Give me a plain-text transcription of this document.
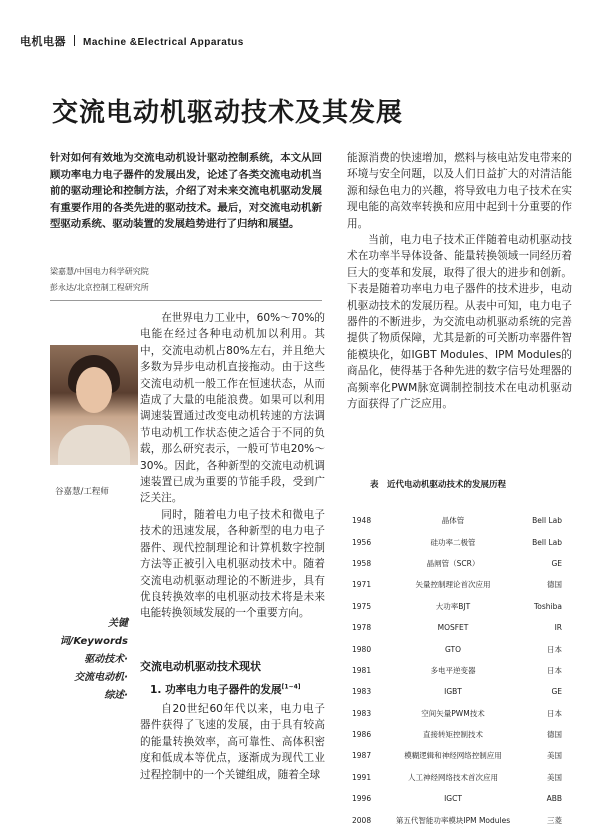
电机电器 Machine &Electrical Apparatus
交流电动机驱动技术及其发展
针对如何有效地为交流电动机设计驱动控制系统，本文从回顾功率电力电子器件的发展出发，论述了各类交流电动机当前的驱动理论和控制方法，介绍了对未来交流电机驱动发展有重要作用的各类先进的驱动技术。最后，对交流电动机新型驱动系统、驱动装置的发展趋势进行了归纳和展望。
梁嘉慧/中国电力科学研究院
彭永达/北京控制工程研究所
谷嘉慧/工程师

在世界电力工业中，60%～70%的电能在经过各种电动机加以利用。其中，交流电动机占80%左右，并且绝大多数为异步电动机直接拖动。由于这些交流电动机一般工作在恒速状态，从而造成了大量的电能浪费。如果可以利用调速装置通过改变电动机转速的方法调节电动机工作状态使之适合于不同的负载，那么研究表示，一般可节电20%～30%。因此，各种新型的交流电动机调速装置已成为重要的节能手段，受到广泛关注。

同时，随着电力电子技术和微电子技术的迅速发展，各种新型的电力电子器件、现代控制理论和计算机数字控制方法等正被引入电机驱动技术中。随着交流电动机驱动理论的不断进步，具有优良转换效率的电机驱动技术将是未来电能转换领域发展的一个重要方向。

关键词/Keywords
驱动技术·
交流电动机·
综述·
交流电动机驱动技术现状
1. 功率电力电子器件的发展[1~4]

自20世纪60年代以来，电力电子器件获得了飞速的发展，由于具有较高的能量转换效率，高可靠性、高体积密度和低成本等优点，逐渐成为现代工业过程控制中的一个关键组成，随着全球

能源消费的快速增加，燃料与核电站发电带来的环境与安全问题，以及人们日益扩大的对清洁能源和绿色电力的兴趣，将导致电力电子技术在实现电能的高效率转换和应用中起到十分重要的作用。

当前，电力电子技术正伴随着电动机驱动技术在功率半导体设备、能量转换领域一同经历着巨大的变革和发展，取得了很大的进步和创新。下表是随着功率电力电子器件的技术进步，电动机驱动技术的发展历程。从表中可知，电力电子器件的不断进步，为交流电动机驱动系统的完善提供了物质保障，尤其是新的可关断功率器件智能模块化，如IGBT Modules、IPM Modules的商品化，使得基于各种先进的数字信号处理器的高频率化PWM脉宽调制控制技术在电动机驱动方面获得了广泛应用。

表　近代电动机驱动技术的发展历程
1948	晶体管	Bell Lab
1956	硅功率二极管	Bell Lab
1958	晶闸管（SCR）	GE
1971	矢量控制理论首次应用	德国
1975	大功率BJT	Toshiba
1978	MOSFET	IR
1980	GTO	日本
1981	多电平逆变器	日本
1983	IGBT	GE
1983	空间矢量PWM技术	日本
1986	直接转矩控制技术	德国
1987	模糊逻辑和神经网络控制应用	美国
1991	人工神经网络技术首次应用	美国
1996	IGCT	ABB
2008	第五代智能功率模块IPM Modules	三菱
